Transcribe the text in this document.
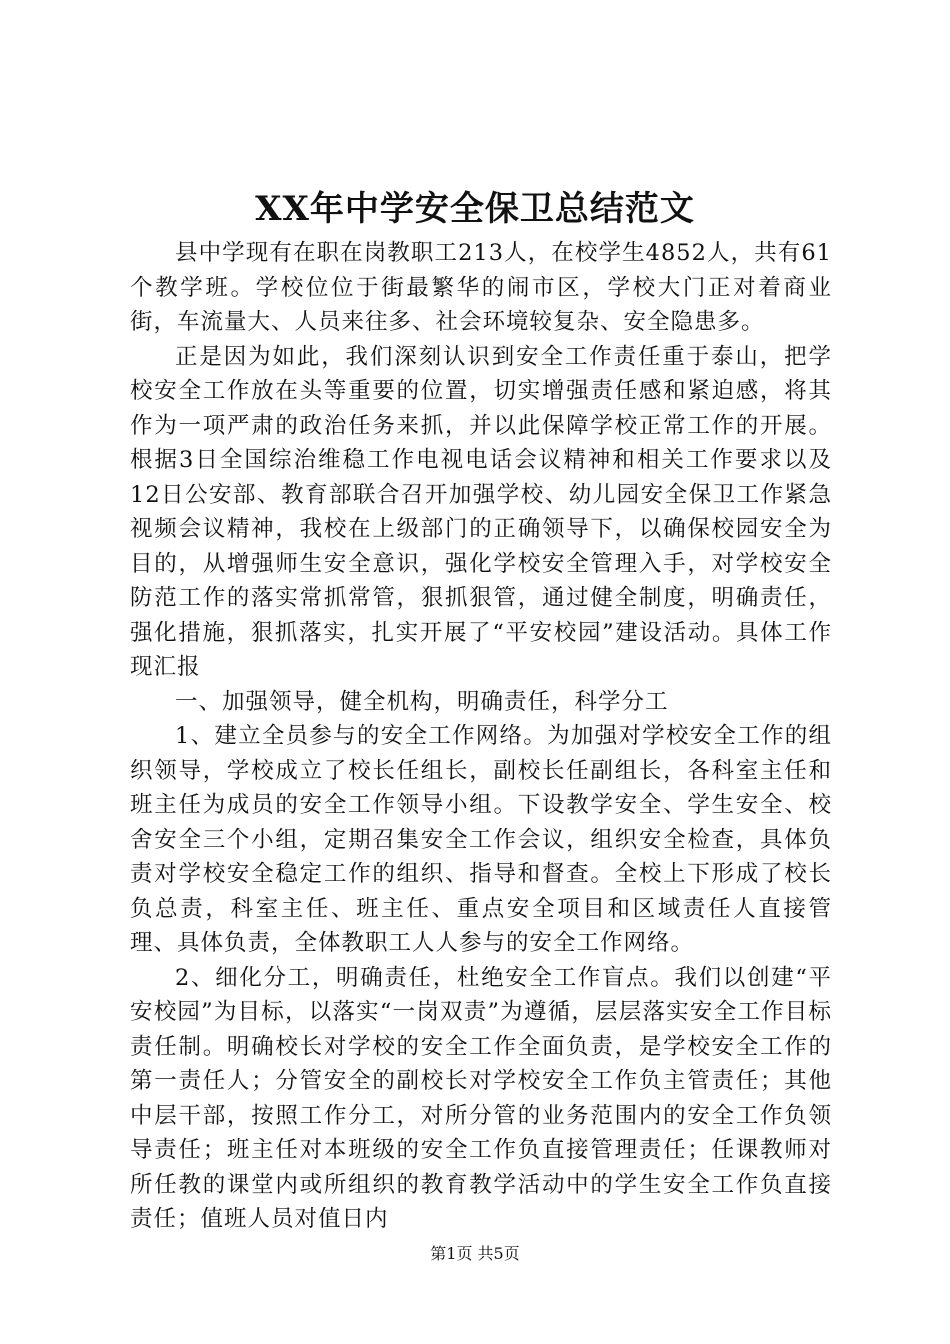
XX年中学安全保卫总结范文

县中学现有在职在岗教职工213人，在校学生4852人，共有61个教学班。学校位位于街最繁华的闹市区，学校大门正对着商业街，车流量大、人员来往多、社会环境较复杂、安全隐患多。

正是因为如此，我们深刻认识到安全工作责任重于泰山，把学校安全工作放在头等重要的位置，切实增强责任感和紧迫感，将其作为一项严肃的政治任务来抓，并以此保障学校正常工作的开展。根据3日全国综治维稳工作电视电话会议精神和相关工作要求以及12日公安部、教育部联合召开加强学校、幼儿园安全保卫工作紧急视频会议精神，我校在上级部门的正确领导下，以确保校园安全为目的，从增强师生安全意识，强化学校安全管理入手，对学校安全防范工作的落实常抓常管，狠抓狠管，通过健全制度，明确责任，强化措施，狠抓落实，扎实开展了“平安校园”建设活动。具体工作现汇报

一、加强领导，健全机构，明确责任，科学分工

1、建立全员参与的安全工作网络。为加强对学校安全工作的组织领导，学校成立了校长任组长，副校长任副组长，各科室主任和班主任为成员的安全工作领导小组。下设教学安全、学生安全、校舍安全三个小组，定期召集安全工作会议，组织安全检查，具体负责对学校安全稳定工作的组织、指导和督查。全校上下形成了校长负总责，科室主任、班主任、重点安全项目和区域责任人直接管理、具体负责，全体教职工人人参与的安全工作网络。

2、细化分工，明确责任，杜绝安全工作盲点。我们以创建“平安校园”为目标，以落实“一岗双责”为遵循，层层落实安全工作目标责任制。明确校长对学校的安全工作全面负责，是学校安全工作的第一责任人；分管安全的副校长对学校安全工作负主管责任；其他中层干部，按照工作分工，对所分管的业务范围内的安全工作负领导责任；班主任对本班级的安全工作负直接管理责任；任课教师对所任教的课堂内或所组织的教育教学活动中的学生安全工作负直接责任；值班人员对值日内

第1页 共5页
